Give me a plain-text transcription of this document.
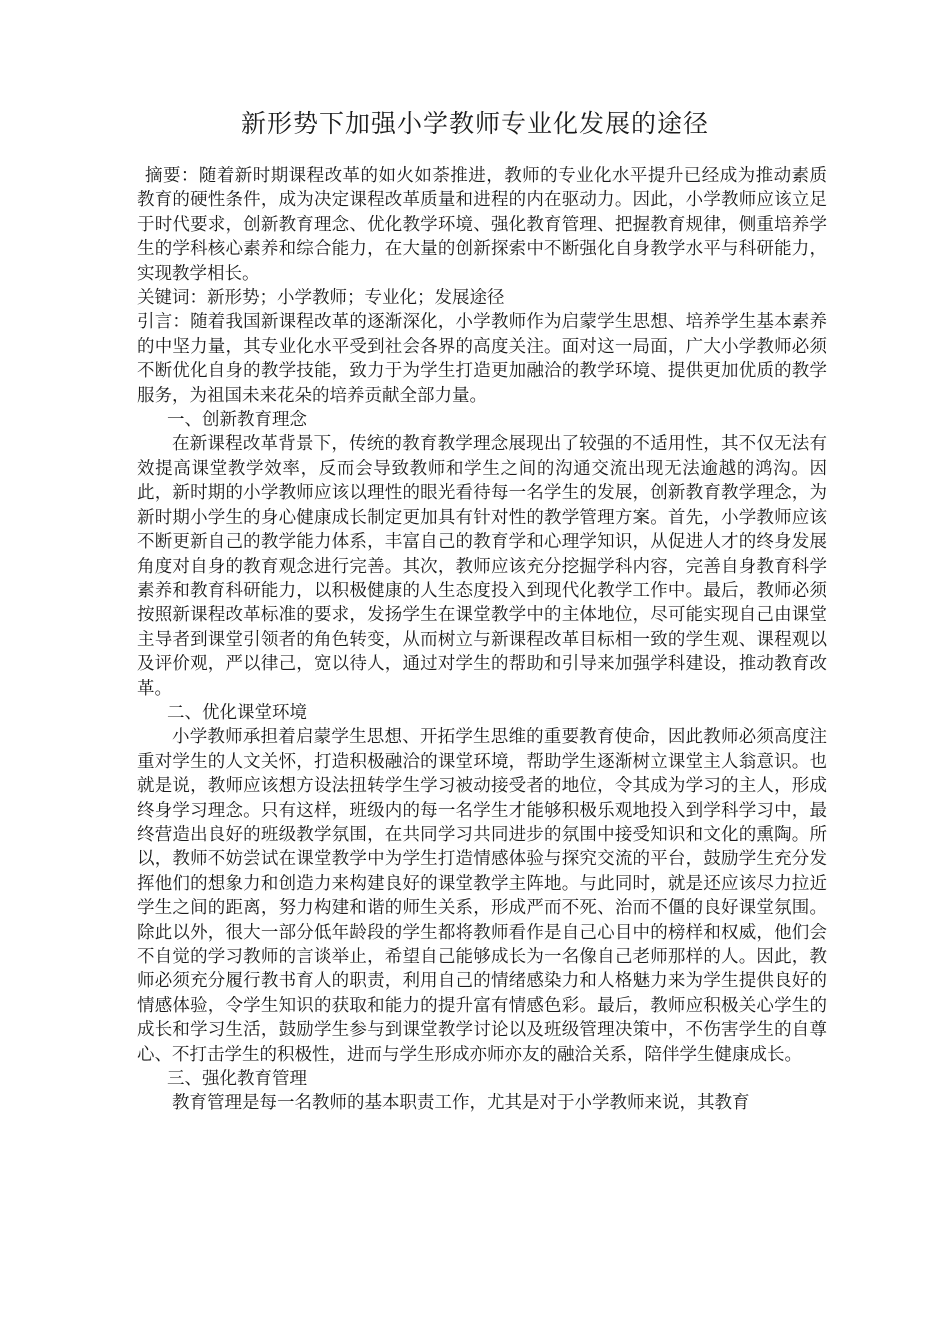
新形势下加强小学教师专业化发展的途径

摘要：随着新时期课程改革的如火如荼推进，教师的专业化水平提升已经成为推动素质教育的硬性条件，成为决定课程改革质量和进程的内在驱动力。因此，小学教师应该立足于时代要求，创新教育理念、优化教学环境、强化教育管理、把握教育规律，侧重培养学生的学科核心素养和综合能力，在大量的创新探索中不断强化自身教学水平与科研能力，实现教学相长。

关键词：新形势；小学教师；专业化；发展途径

引言：随着我国新课程改革的逐渐深化，小学教师作为启蒙学生思想、培养学生基本素养的中坚力量，其专业化水平受到社会各界的高度关注。面对这一局面，广大小学教师必须不断优化自身的教学技能，致力于为学生打造更加融洽的教学环境、提供更加优质的教学服务，为祖国未来花朵的培养贡献全部力量。

一、创新教育理念

在新课程改革背景下，传统的教育教学理念展现出了较强的不适用性，其不仅无法有效提高课堂教学效率，反而会导致教师和学生之间的沟通交流出现无法逾越的鸿沟。因此，新时期的小学教师应该以理性的眼光看待每一名学生的发展，创新教育教学理念，为新时期小学生的身心健康成长制定更加具有针对性的教学管理方案。首先，小学教师应该不断更新自己的教学能力体系，丰富自己的教育学和心理学知识，从促进人才的终身发展角度对自身的教育观念进行完善。其次，教师应该充分挖掘学科内容，完善自身教育科学素养和教育科研能力，以积极健康的人生态度投入到现代化教学工作中。最后，教师必须按照新课程改革标准的要求，发扬学生在课堂教学中的主体地位，尽可能实现自己由课堂主导者到课堂引领者的角色转变，从而树立与新课程改革目标相一致的学生观、课程观以及评价观，严以律己，宽以待人，通过对学生的帮助和引导来加强学科建设，推动教育改革。

二、优化课堂环境

小学教师承担着启蒙学生思想、开拓学生思维的重要教育使命，因此教师必须高度注重对学生的人文关怀，打造积极融洽的课堂环境，帮助学生逐渐树立课堂主人翁意识。也就是说，教师应该想方设法扭转学生学习被动接受者的地位，令其成为学习的主人，形成终身学习理念。只有这样，班级内的每一名学生才能够积极乐观地投入到学科学习中，最终营造出良好的班级教学氛围，在共同学习共同进步的氛围中接受知识和文化的熏陶。所以，教师不妨尝试在课堂教学中为学生打造情感体验与探究交流的平台，鼓励学生充分发挥他们的想象力和创造力来构建良好的课堂教学主阵地。与此同时，就是还应该尽力拉近学生之间的距离，努力构建和谐的师生关系，形成严而不死、治而不僵的良好课堂氛围。除此以外，很大一部分低年龄段的学生都将教师看作是自己心目中的榜样和权威，他们会不自觉的学习教师的言谈举止，希望自己能够成长为一名像自己老师那样的人。因此，教师必须充分履行教书育人的职责，利用自己的情绪感染力和人格魅力来为学生提供良好的情感体验，令学生知识的获取和能力的提升富有情感色彩。最后，教师应积极关心学生的成长和学习生活，鼓励学生参与到课堂教学讨论以及班级管理决策中，不伤害学生的自尊心、不打击学生的积极性，进而与学生形成亦师亦友的融洽关系，陪伴学生健康成长。

三、强化教育管理

教育管理是每一名教师的基本职责工作，尤其是对于小学教师来说，其教育
